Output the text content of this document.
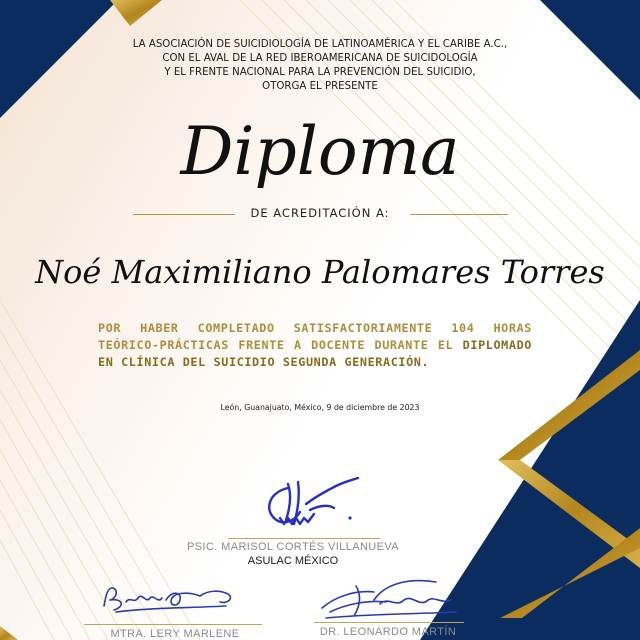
LA ASOCIACIÓN DE SUICIDIOLOGÍA DE LATINOAMÉRICA Y EL CARIBE A.C.,
CON EL AVAL DE LA RED IBEROAMERICANA DE SUICIDOLOGÍA
Y EL FRENTE NACIONAL PARA LA PREVENCIÓN DEL SUICIDIO,
OTORGA EL PRESENTE
Diploma
DE ACREDITACIÓN A:
Noé Maximiliano Palomares Torres
POR HABER COMPLETADO SATISFACTORIAMENTE 104 HORAS
TEÓRICO-PRÁCTICAS FRENTE A DOCENTE DURANTE EL DIPLOMADO
EN CLÍNICA DEL SUICIDIO SEGUNDA GENERACIÓN.
León, Guanajuato, México, 9 de diciembre de 2023
PSIC. MARISOL CORTÉS VILLANUEVA
ASULAC MÉXICO
MTRA. LERY MARLENE	DR. LEONARDO MARTÍN
